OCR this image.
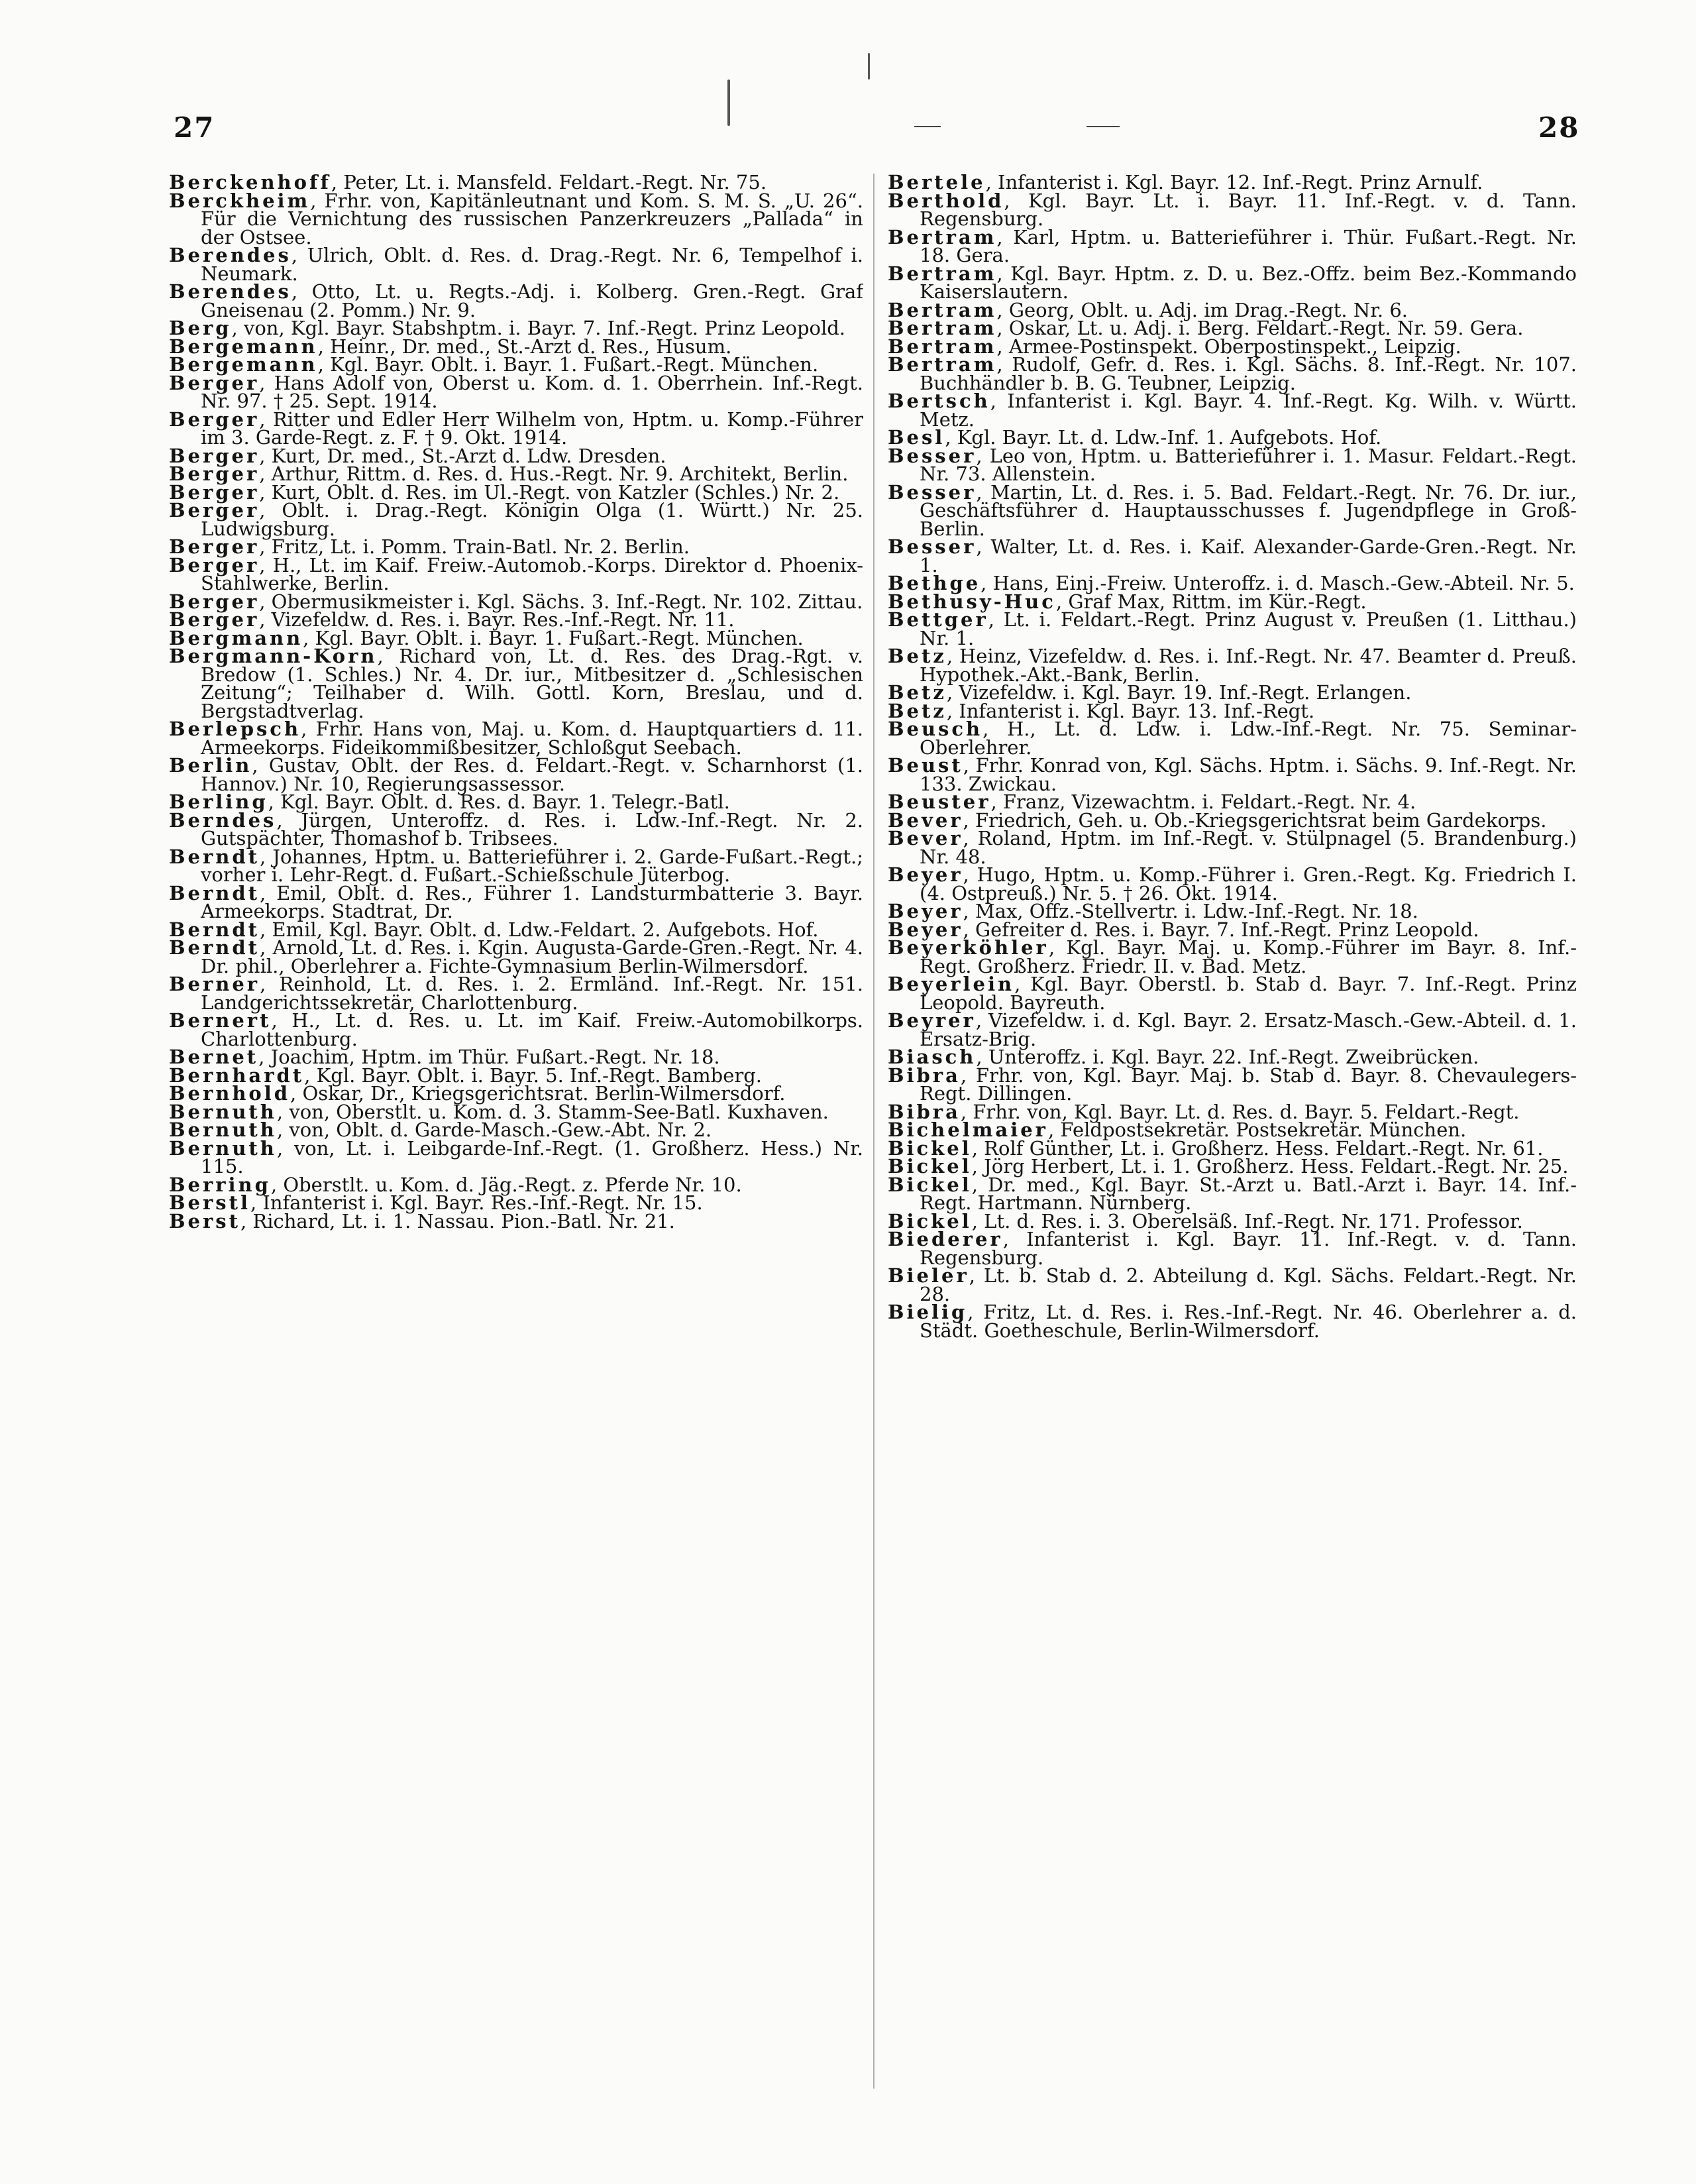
27	28

Berckenhoff, Peter, Lt. i. Mansfeld. Feldart.-Regt. Nr. 75.

Berckheim, Frhr. von, Kapitänleutnant und Kom. S. M. S. „U. 26“. Für die Vernichtung des russischen Panzerkreuzers „Pallada“ in der Ostsee.

Berendes, Ulrich, Oblt. d. Res. d. Drag.-Regt. Nr. 6, Tempelhof i. Neumark.

Berendes, Otto, Lt. u. Regts.-Adj. i. Kolberg. Gren.-Regt. Graf Gneisenau (2. Pomm.) Nr. 9.

Berg, von, Kgl. Bayr. Stabshptm. i. Bayr. 7. Inf.-Regt. Prinz Leopold.

Bergemann, Heinr., Dr. med., St.-Arzt d. Res., Husum.

Bergemann, Kgl. Bayr. Oblt. i. Bayr. 1. Fußart.-Regt. München.

Berger, Hans Adolf von, Oberst u. Kom. d. 1. Oberrhein. Inf.-Regt. Nr. 97. † 25. Sept. 1914.

Berger, Ritter und Edler Herr Wilhelm von, Hptm. u. Komp.-Führer im 3. Garde-Regt. z. F. † 9. Okt. 1914.

Berger, Kurt, Dr. med., St.-Arzt d. Ldw. Dresden.

Berger, Arthur, Rittm. d. Res. d. Hus.-Regt. Nr. 9. Architekt, Berlin.

Berger, Kurt, Oblt. d. Res. im Ul.-Regt. von Katzler (Schles.) Nr. 2.

Berger, Oblt. i. Drag.-Regt. Königin Olga (1. Württ.) Nr. 25. Ludwigsburg.

Berger, Fritz, Lt. i. Pomm. Train-Batl. Nr. 2. Berlin.

Berger, H., Lt. im Kaif. Freiw.-Automob.-Korps. Direktor d. Phoenix-Stahlwerke, Berlin.

Berger, Obermusikmeister i. Kgl. Sächs. 3. Inf.-Regt. Nr. 102. Zittau.

Berger, Vizefeldw. d. Res. i. Bayr. Res.-Inf.-Regt. Nr. 11.

Bergmann, Kgl. Bayr. Oblt. i. Bayr. 1. Fußart.-Regt. München.

Bergmann-Korn, Richard von, Lt. d. Res. des Drag.-Rgt. v. Bredow (1. Schles.) Nr. 4. Dr. iur., Mitbesitzer d. „Schlesischen Zeitung“; Teilhaber d. Wilh. Gottl. Korn, Breslau, und d. Bergstadtverlag.

Berlepsch, Frhr. Hans von, Maj. u. Kom. d. Hauptquartiers d. 11. Armeekorps. Fideikommißbesitzer, Schloßgut Seebach.

Berlin, Gustav, Oblt. der Res. d. Feldart.-Regt. v. Scharnhorst (1. Hannov.) Nr. 10, Regierungsassessor.

Berling, Kgl. Bayr. Oblt. d. Res. d. Bayr. 1. Telegr.-Batl.

Berndes, Jürgen, Unteroffz. d. Res. i. Ldw.-Inf.-Regt. Nr. 2. Gutspächter, Thomashof b. Tribsees.

Berndt, Johannes, Hptm. u. Batterieführer i. 2. Garde-Fußart.-Regt.; vorher i. Lehr-Regt. d. Fußart.-Schießschule Jüterbog.

Berndt, Emil, Oblt. d. Res., Führer 1. Landsturmbatterie 3. Bayr. Armeekorps. Stadtrat, Dr.

Berndt, Emil, Kgl. Bayr. Oblt. d. Ldw.-Feldart. 2. Aufgebots. Hof.

Berndt, Arnold, Lt. d. Res. i. Kgin. Augusta-Garde-Gren.-Regt. Nr. 4. Dr. phil., Oberlehrer a. Fichte-Gymnasium Berlin-Wilmersdorf.

Berner, Reinhold, Lt. d. Res. i. 2. Ermländ. Inf.-Regt. Nr. 151. Landgerichtssekretär, Charlottenburg.

Bernert, H., Lt. d. Res. u. Lt. im Kaif. Freiw.-Automobilkorps. Charlottenburg.

Bernet, Joachim, Hptm. im Thür. Fußart.-Regt. Nr. 18.

Bernhardt, Kgl. Bayr. Oblt. i. Bayr. 5. Inf.-Regt. Bamberg.

Bernhold, Oskar, Dr., Kriegsgerichtsrat. Berlin-Wilmersdorf.

Bernuth, von, Oberstlt. u. Kom. d. 3. Stamm-See-Batl. Kuxhaven.

Bernuth, von, Oblt. d. Garde-Masch.-Gew.-Abt. Nr. 2.

Bernuth, von, Lt. i. Leibgarde-Inf.-Regt. (1. Großherz. Hess.) Nr. 115.

Berring, Oberstlt. u. Kom. d. Jäg.-Regt. z. Pferde Nr. 10.

Berstl, Infanterist i. Kgl. Bayr. Res.-Inf.-Regt. Nr. 15.

Berst, Richard, Lt. i. 1. Nassau. Pion.-Batl. Nr. 21.

Bertele, Infanterist i. Kgl. Bayr. 12. Inf.-Regt. Prinz Arnulf.

Berthold, Kgl. Bayr. Lt. i. Bayr. 11. Inf.-Regt. v. d. Tann. Regensburg.

Bertram, Karl, Hptm. u. Batterieführer i. Thür. Fußart.-Regt. Nr. 18. Gera.

Bertram, Kgl. Bayr. Hptm. z. D. u. Bez.-Offz. beim Bez.-Kommando Kaiserslautern.

Bertram, Georg, Oblt. u. Adj. im Drag.-Regt. Nr. 6.

Bertram, Oskar, Lt. u. Adj. i. Berg. Feldart.-Regt. Nr. 59. Gera.

Bertram, Armee-Postinspekt. Oberpostinspekt., Leipzig.

Bertram, Rudolf, Gefr. d. Res. i. Kgl. Sächs. 8. Inf.-Regt. Nr. 107. Buchhändler b. B. G. Teubner, Leipzig.

Bertsch, Infanterist i. Kgl. Bayr. 4. Inf.-Regt. Kg. Wilh. v. Württ. Metz.

Besl, Kgl. Bayr. Lt. d. Ldw.-Inf. 1. Aufgebots. Hof.

Besser, Leo von, Hptm. u. Batterieführer i. 1. Masur. Feldart.-Regt. Nr. 73. Allenstein.

Besser, Martin, Lt. d. Res. i. 5. Bad. Feldart.-Regt. Nr. 76. Dr. iur., Geschäftsführer d. Hauptausschusses f. Jugendpflege in Groß-Berlin.

Besser, Walter, Lt. d. Res. i. Kaif. Alexander-Garde-Gren.-Regt. Nr. 1.

Bethge, Hans, Einj.-Freiw. Unteroffz. i. d. Masch.-Gew.-Abteil. Nr. 5.

Bethusy-Huc, Graf Max, Rittm. im Kür.-Regt.

Bettger, Lt. i. Feldart.-Regt. Prinz August v. Preußen (1. Litthau.) Nr. 1.

Betz, Heinz, Vizefeldw. d. Res. i. Inf.-Regt. Nr. 47. Beamter d. Preuß. Hypothek.-Akt.-Bank, Berlin.

Betz, Vizefeldw. i. Kgl. Bayr. 19. Inf.-Regt. Erlangen.

Betz, Infanterist i. Kgl. Bayr. 13. Inf.-Regt.

Beusch, H., Lt. d. Ldw. i. Ldw.-Inf.-Regt. Nr. 75. Seminar-Oberlehrer.

Beust, Frhr. Konrad von, Kgl. Sächs. Hptm. i. Sächs. 9. Inf.-Regt. Nr. 133. Zwickau.

Beuster, Franz, Vizewachtm. i. Feldart.-Regt. Nr. 4.

Bever, Friedrich, Geh. u. Ob.-Kriegsgerichtsrat beim Gardekorps.

Bever, Roland, Hptm. im Inf.-Regt. v. Stülpnagel (5. Brandenburg.) Nr. 48.

Beyer, Hugo, Hptm. u. Komp.-Führer i. Gren.-Regt. Kg. Friedrich I. (4. Ostpreuß.) Nr. 5. † 26. Okt. 1914.

Beyer, Max, Offz.-Stellvertr. i. Ldw.-Inf.-Regt. Nr. 18.

Beyer, Gefreiter d. Res. i. Bayr. 7. Inf.-Regt. Prinz Leopold.

Beyerköhler, Kgl. Bayr. Maj. u. Komp.-Führer im Bayr. 8. Inf.-Regt. Großherz. Friedr. II. v. Bad. Metz.

Beyerlein, Kgl. Bayr. Oberstl. b. Stab d. Bayr. 7. Inf.-Regt. Prinz Leopold. Bayreuth.

Beyrer, Vizefeldw. i. d. Kgl. Bayr. 2. Ersatz-Masch.-Gew.-Abteil. d. 1. Ersatz-Brig.

Biasch, Unteroffz. i. Kgl. Bayr. 22. Inf.-Regt. Zweibrücken.

Bibra, Frhr. von, Kgl. Bayr. Maj. b. Stab d. Bayr. 8. Chevaulegers-Regt. Dillingen.

Bibra, Frhr. von, Kgl. Bayr. Lt. d. Res. d. Bayr. 5. Feldart.-Regt.

Bichelmaier, Feldpostsekretär. Postsekretär. München.

Bickel, Rolf Günther, Lt. i. Großherz. Hess. Feldart.-Regt. Nr. 61.

Bickel, Jörg Herbert, Lt. i. 1. Großherz. Hess. Feldart.-Regt. Nr. 25.

Bickel, Dr. med., Kgl. Bayr. St.-Arzt u. Batl.-Arzt i. Bayr. 14. Inf.-Regt. Hartmann. Nürnberg.

Bickel, Lt. d. Res. i. 3. Oberelsäß. Inf.-Regt. Nr. 171. Professor.

Biederer, Infanterist i. Kgl. Bayr. 11. Inf.-Regt. v. d. Tann. Regensburg.

Bieler, Lt. b. Stab d. 2. Abteilung d. Kgl. Sächs. Feldart.-Regt. Nr. 28.

Bielig, Fritz, Lt. d. Res. i. Res.-Inf.-Regt. Nr. 46. Oberlehrer a. d. Städt. Goetheschule, Berlin-Wilmersdorf.
